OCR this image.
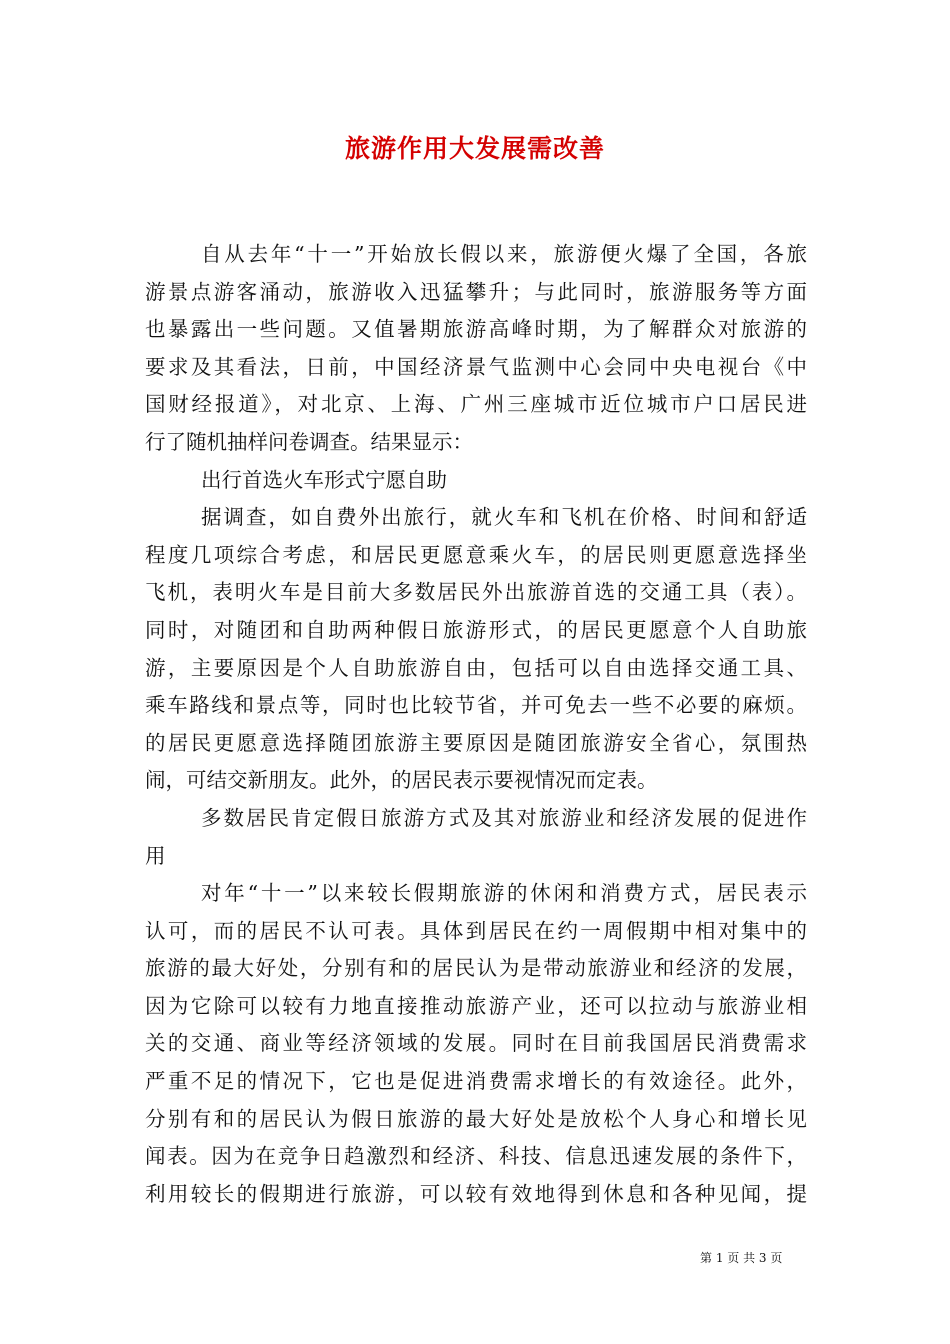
旅游作用大发展需改善
自从去年“十一”开始放长假以来，旅游便火爆了全国，各旅
游景点游客涌动，旅游收入迅猛攀升；与此同时，旅游服务等方面
也暴露出一些问题。又值暑期旅游高峰时期，为了解群众对旅游的
要求及其看法，日前，中国经济景气监测中心会同中央电视台《中
国财经报道》，对北京、上海、广州三座城市近位城市户口居民进
行了随机抽样问卷调查。结果显示：
出行首选火车形式宁愿自助
据调查，如自费外出旅行，就火车和飞机在价格、时间和舒适
程度几项综合考虑，和居民更愿意乘火车，的居民则更愿意选择坐
飞机，表明火车是目前大多数居民外出旅游首选的交通工具（表）。
同时，对随团和自助两种假日旅游形式，的居民更愿意个人自助旅
游，主要原因是个人自助旅游自由，包括可以自由选择交通工具、
乘车路线和景点等，同时也比较节省，并可免去一些不必要的麻烦。
的居民更愿意选择随团旅游主要原因是随团旅游安全省心，氛围热
闹，可结交新朋友。此外，的居民表示要视情况而定表。
多数居民肯定假日旅游方式及其对旅游业和经济发展的促进作
用
对年“十一”以来较长假期旅游的休闲和消费方式，居民表示
认可，而的居民不认可表。具体到居民在约一周假期中相对集中的
旅游的最大好处，分别有和的居民认为是带动旅游业和经济的发展，
因为它除可以较有力地直接推动旅游产业，还可以拉动与旅游业相
关的交通、商业等经济领域的发展。同时在目前我国居民消费需求
严重不足的情况下，它也是促进消费需求增长的有效途径。此外，
分别有和的居民认为假日旅游的最大好处是放松个人身心和增长见
闻表。因为在竞争日趋激烈和经济、科技、信息迅速发展的条件下，
利用较长的假期进行旅游，可以较有效地得到休息和各种见闻，提
第 1 页 共 3 页
